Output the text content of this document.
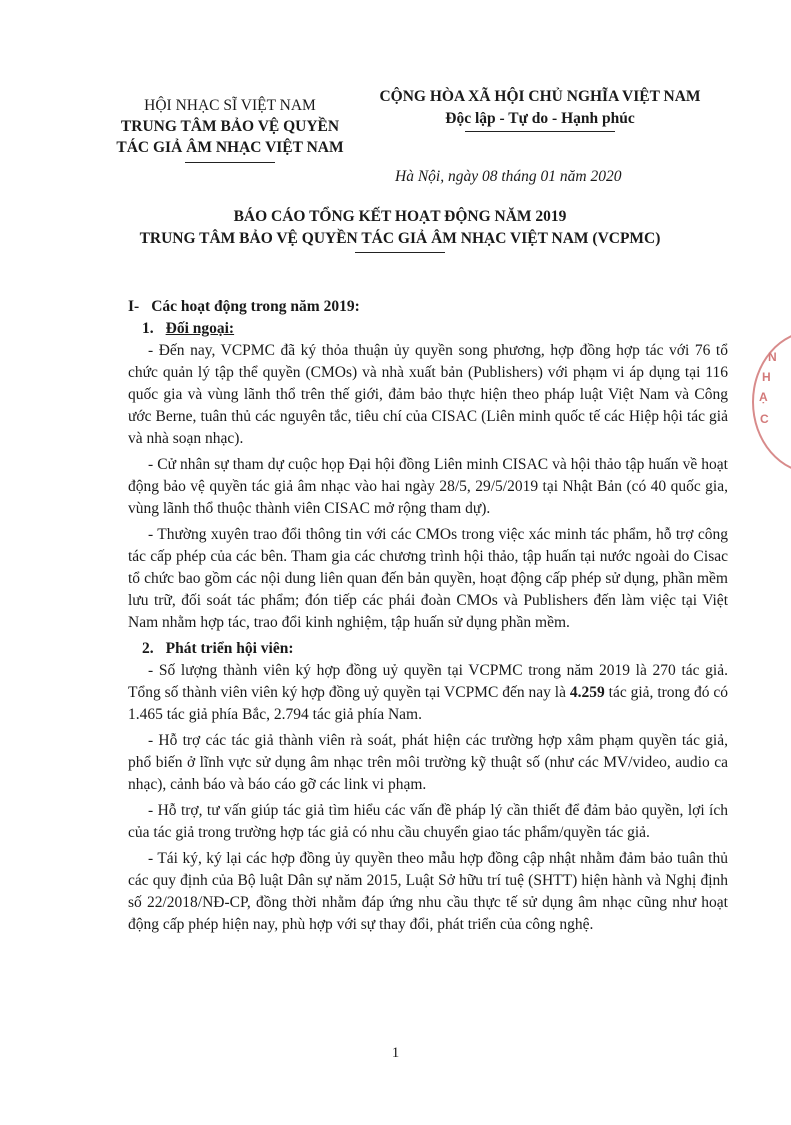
HỘI NHẠC SĨ VIỆT NAM
TRUNG TÂM BẢO VỆ QUYỀN
TÁC GIẢ ÂM NHẠC VIỆT NAM
CỘNG HÒA XÃ HỘI CHỦ NGHĨA VIỆT NAM
Độc lập - Tự do - Hạnh phúc
Hà Nội, ngày 08 tháng 01 năm 2020
BÁO CÁO TỔNG KẾT HOẠT ĐỘNG NĂM 2019
TRUNG TÂM BẢO VỆ QUYỀN TÁC GIẢ ÂM NHẠC VIỆT NAM (VCPMC)
I- Các hoạt động trong năm 2019:
1. Đối ngoại:

- Đến nay, VCPMC đã ký thỏa thuận ủy quyền song phương, hợp đồng hợp tác với 76 tổ chức quản lý tập thể quyền (CMOs) và nhà xuất bản (Publishers) với phạm vi áp dụng tại 116 quốc gia và vùng lãnh thổ trên thế giới, đảm bảo thực hiện theo pháp luật Việt Nam và Công ước Berne, tuân thủ các nguyên tắc, tiêu chí của CISAC (Liên minh quốc tế các Hiệp hội tác giả và nhà soạn nhạc).

- Cử nhân sự tham dự cuộc họp Đại hội đồng Liên minh CISAC và hội thảo tập huấn về hoạt động bảo vệ quyền tác giả âm nhạc vào hai ngày 28/5, 29/5/2019 tại Nhật Bản (có 40 quốc gia, vùng lãnh thổ thuộc thành viên CISAC mở rộng tham dự).

- Thường xuyên trao đổi thông tin với các CMOs trong việc xác minh tác phẩm, hỗ trợ công tác cấp phép của các bên. Tham gia các chương trình hội thảo, tập huấn tại nước ngoài do Cisac tổ chức bao gồm các nội dung liên quan đến bản quyền, hoạt động cấp phép sử dụng, phần mềm lưu trữ, đối soát tác phẩm; đón tiếp các phái đoàn CMOs và Publishers đến làm việc tại Việt Nam nhằm hợp tác, trao đổi kinh nghiệm, tập huấn sử dụng phần mềm.

2. Phát triển hội viên:

- Số lượng thành viên ký hợp đồng uỷ quyền tại VCPMC trong năm 2019 là 270 tác giả. Tổng số thành viên viên ký hợp đồng uỷ quyền tại VCPMC đến nay là 4.259 tác giả, trong đó có 1.465 tác giả phía Bắc, 2.794 tác giả phía Nam.

- Hỗ trợ các tác giả thành viên rà soát, phát hiện các trường hợp xâm phạm quyền tác giả, phổ biến ở lĩnh vực sử dụng âm nhạc trên môi trường kỹ thuật số (như các MV/video, audio ca nhạc), cảnh báo và báo cáo gỡ các link vi phạm.

- Hỗ trợ, tư vấn giúp tác giả tìm hiểu các vấn đề pháp lý cần thiết để đảm bảo quyền, lợi ích của tác giả trong trường hợp tác giả có nhu cầu chuyển giao tác phẩm/quyền tác giả.

- Tái ký, ký lại các hợp đồng ủy quyền theo mẫu hợp đồng cập nhật nhằm đảm bảo tuân thủ các quy định của Bộ luật Dân sự năm 2015, Luật Sở hữu trí tuệ (SHTT) hiện hành và Nghị định số 22/2018/NĐ-CP, đồng thời nhằm đáp ứng nhu cầu thực tế sử dụng âm nhạc cũng như hoạt động cấp phép hiện nay, phù hợp với sự thay đổi, phát triển của công nghệ.

1
N
H
Ạ
C
